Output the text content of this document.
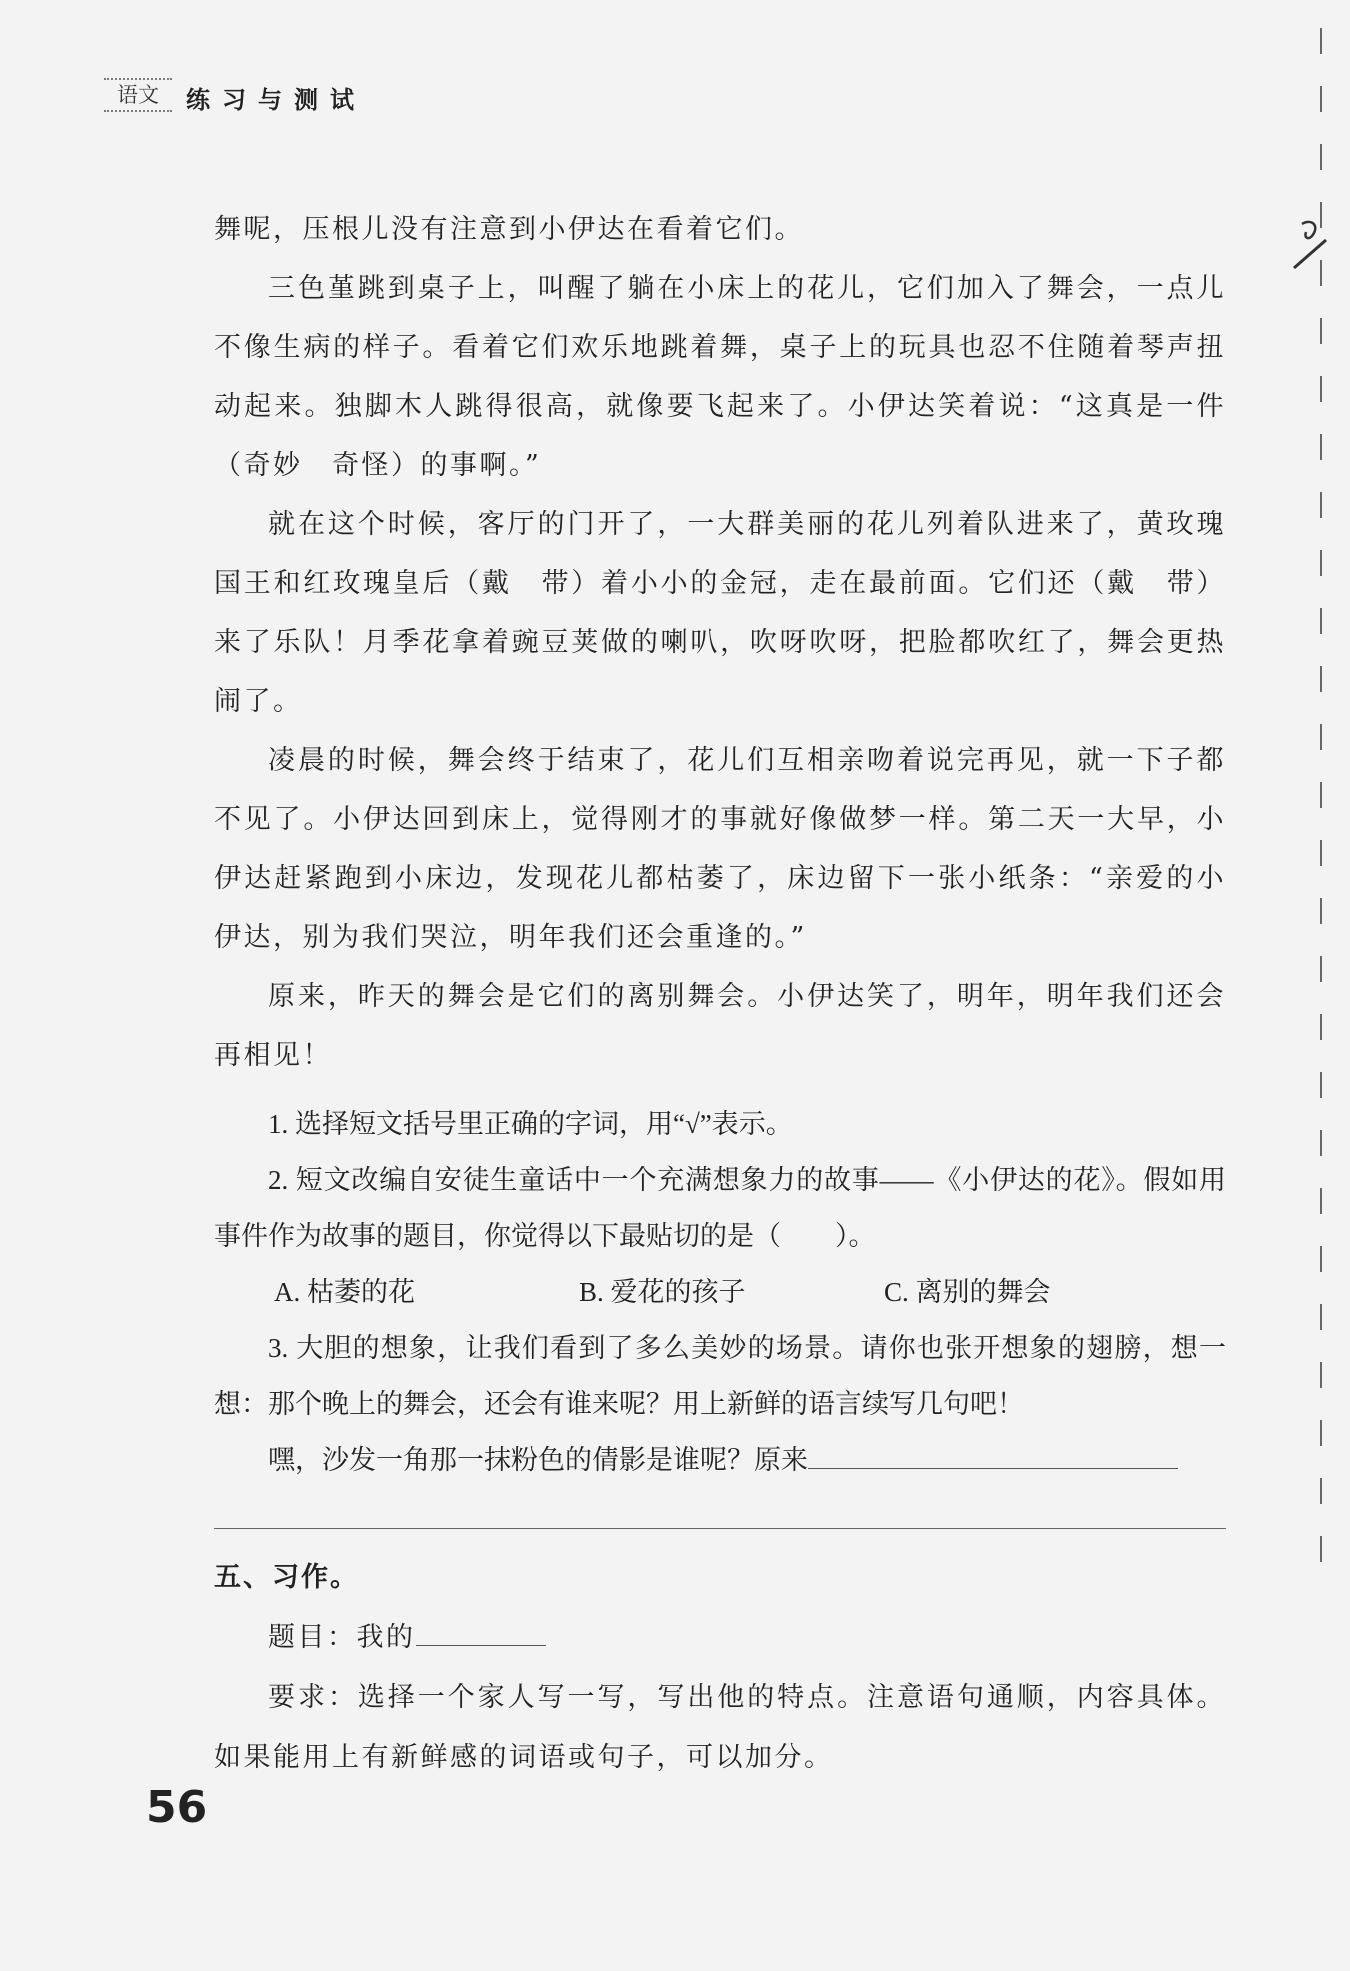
语文	练习与测试

舞呢，压根儿没有注意到小伊达在看着它们。

三色堇跳到桌子上，叫醒了躺在小床上的花儿，它们加入了舞会，一点儿不像生病的样子。看着它们欢乐地跳着舞，桌子上的玩具也忍不住随着琴声扭动起来。独脚木人跳得很高，就像要飞起来了。小伊达笑着说：“这真是一件（奇妙　奇怪）的事啊。”

就在这个时候，客厅的门开了，一大群美丽的花儿列着队进来了，黄玫瑰国王和红玫瑰皇后（戴　带）着小小的金冠，走在最前面。它们还（戴　带）来了乐队！月季花拿着豌豆荚做的喇叭，吹呀吹呀，把脸都吹红了，舞会更热闹了。

凌晨的时候，舞会终于结束了，花儿们互相亲吻着说完再见，就一下子都不见了。小伊达回到床上，觉得刚才的事就好像做梦一样。第二天一大早，小伊达赶紧跑到小床边，发现花儿都枯萎了，床边留下一张小纸条：“亲爱的小伊达，别为我们哭泣，明年我们还会重逢的。”

原来，昨天的舞会是它们的离别舞会。小伊达笑了，明年，明年我们还会再相见！

1. 选择短文括号里正确的字词，用“√”表示。

2. 短文改编自安徒生童话中一个充满想象力的故事——《小伊达的花》。假如用事件作为故事的题目，你觉得以下最贴切的是（　　）。

A. 枯萎的花	B. 爱花的孩子	C. 离别的舞会

3. 大胆的想象，让我们看到了多么美妙的场景。请你也张开想象的翅膀，想一想：那个晚上的舞会，还会有谁来呢？用上新鲜的语言续写几句吧！

嘿，沙发一角那一抹粉色的倩影是谁呢？原来

五、习作。

题目：我的

要求：选择一个家人写一写，写出他的特点。注意语句通顺，内容具体。如果能用上有新鲜感的词语或句子，可以加分。

56
